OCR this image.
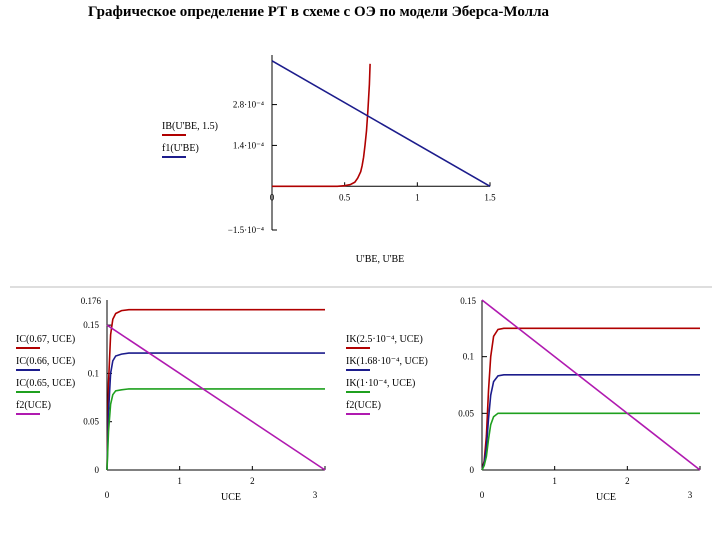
Графическое определение РТ в схеме с ОЭ по модели Эберса-Молла
2.8·10⁻⁴
1.4·10⁻⁴
−1.5·10⁻⁴
0	0.5	1	1.5
U'BE, U'BE
0.15
0.1
0.05
0
1	2
0.176
0	3
UCE
0.1
0.05
0
1	2
0.15
0	3
UCE
IB(U'BE, 1.5)
f1(U'BE)
IC(0.67, UCE)
IC(0.66, UCE)
IC(0.65, UCE)
f2(UCE)
IK(2.5·10⁻⁴, UCE)
IK(1.68·10⁻⁴, UCE)
IK(1·10⁻⁴, UCE)
f2(UCE)
